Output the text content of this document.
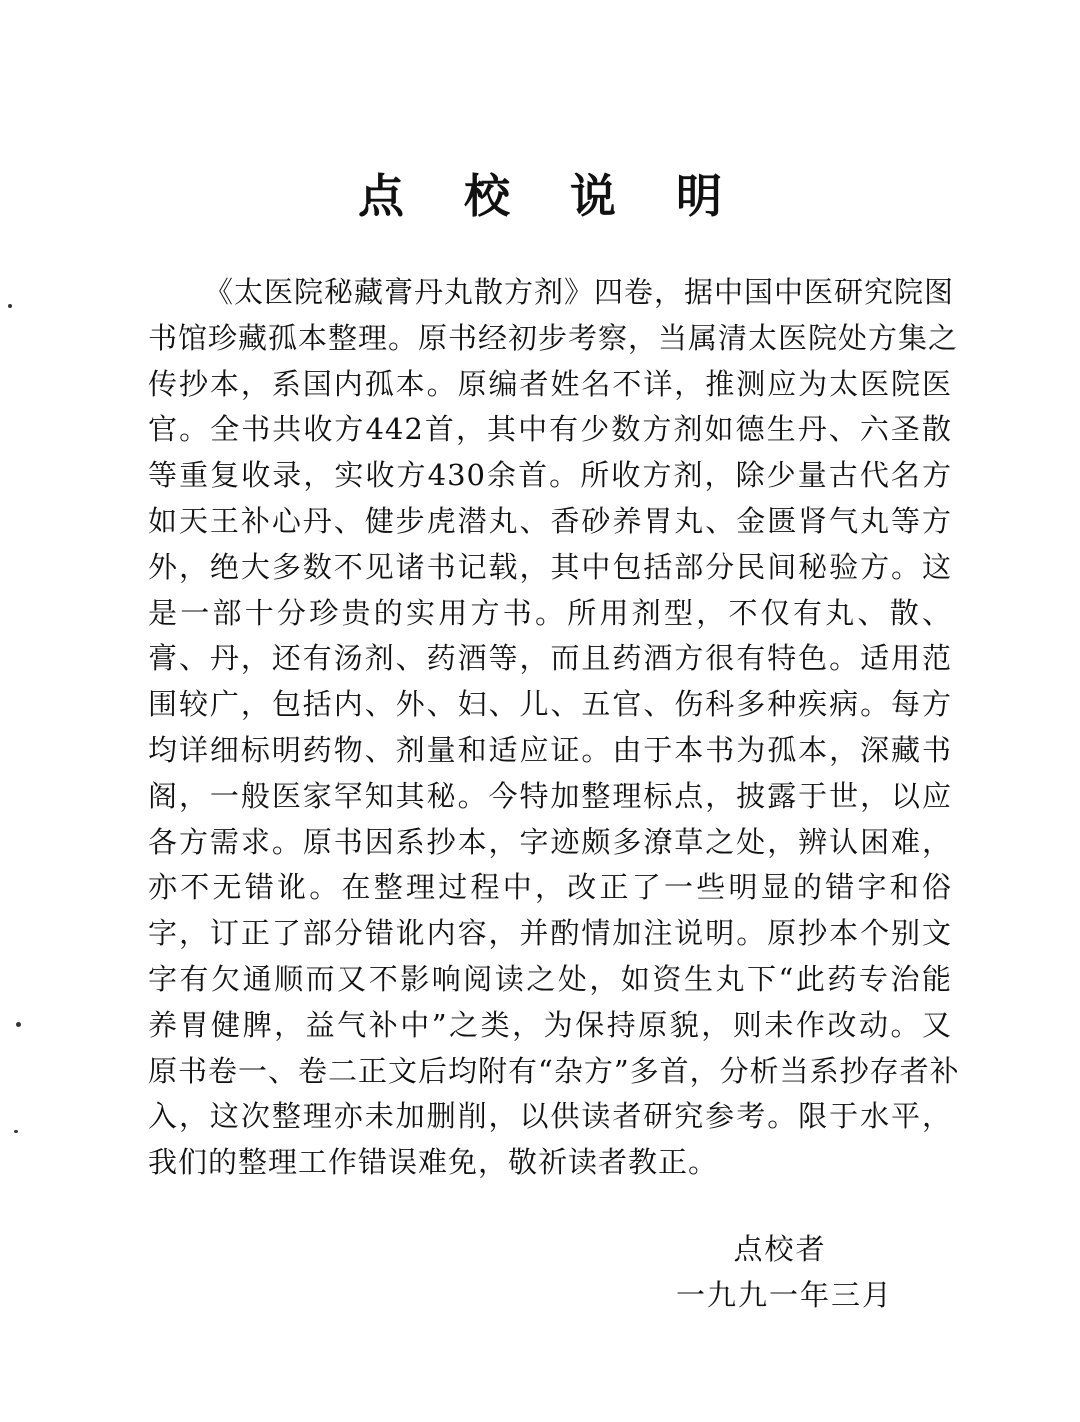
点 校 说 明
《太医院秘藏膏丹丸散方剂》四卷，据中国中医研究院图
书馆珍藏孤本整理。原书经初步考察，当属清太医院处方集之
传抄本，系国内孤本。原编者姓名不详，推测应为太医院医
官。全书共收方442首，其中有少数方剂如德生丹、六圣散
等重复收录，实收方430余首。所收方剂，除少量古代名方
如天王补心丹、健步虎潜丸、香砂养胃丸、金匮肾气丸等方
外，绝大多数不见诸书记载，其中包括部分民间秘验方。这
是一部十分珍贵的实用方书。所用剂型，不仅有丸、散、
膏、丹，还有汤剂、药酒等，而且药酒方很有特色。适用范
围较广，包括内、外、妇、儿、五官、伤科多种疾病。每方
均详细标明药物、剂量和适应证。由于本书为孤本，深藏书
阁，一般医家罕知其秘。今特加整理标点，披露于世，以应
各方需求。原书因系抄本，字迹颇多潦草之处，辨认困难，
亦不无错讹。在整理过程中，改正了一些明显的错字和俗
字，订正了部分错讹内容，并酌情加注说明。原抄本个别文
字有欠通顺而又不影响阅读之处，如资生丸下“此药专治能
养胃健脾，益气补中”之类，为保持原貌，则未作改动。又
原书卷一、卷二正文后均附有“杂方”多首，分析当系抄存者补
入，这次整理亦未加删削，以供读者研究参考。限于水平，
我们的整理工作错误难免，敬祈读者教正。
点校者
一九九一年三月
